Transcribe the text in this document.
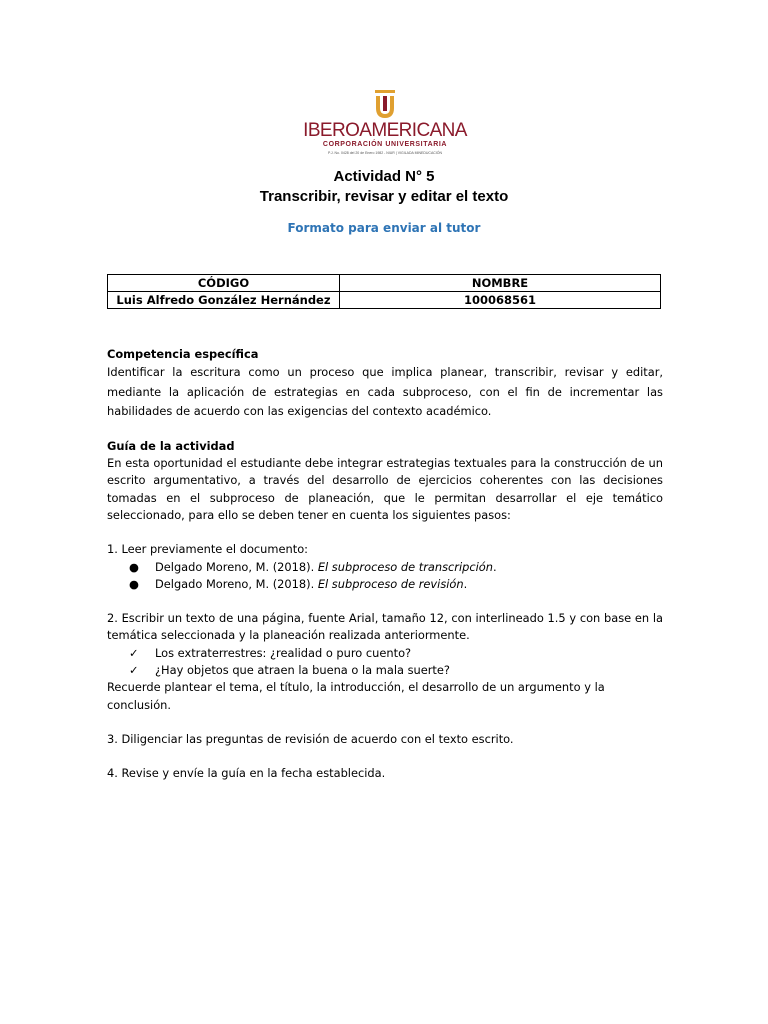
IBEROAMERICANA
CORPORACIÓN UNIVERSITARIA
P.J. No. 0428 del 20 de Enero 1982 - NIUR | VIGILADA MINEDUCACIÓN
Actividad N° 5
Transcribir, revisar y editar el texto
Formato para enviar al tutor
CÓDIGO	NOMBRE
Luis Alfredo González Hernández	100068561

Competencia específica

Identificar la escritura como un proceso que implica planear, transcribir, revisar y editar, mediante la aplicación de estrategias en cada subproceso, con el fin de incrementar las habilidades de acuerdo con las exigencias del contexto académico.

Guía de la actividad

En esta oportunidad el estudiante debe integrar estrategias textuales para la construcción de un escrito argumentativo, a través del desarrollo de ejercicios coherentes con las decisiones tomadas en el subproceso de planeación, que le permitan desarrollar el eje temático seleccionado, para ello se deben tener en cuenta los siguientes pasos:

1. Leer previamente el documento:

● Delgado Moreno, M. (2018). El subproceso de transcripción.
● Delgado Moreno, M. (2018). El subproceso de revisión.

2. Escribir un texto de una página, fuente Arial, tamaño 12, con interlineado 1.5 y con base en la temática seleccionada y la planeación realizada anteriormente.

✓ Los extraterrestres: ¿realidad o puro cuento?
✓ ¿Hay objetos que atraen la buena o la mala suerte?

Recuerde plantear el tema, el título, la introducción, el desarrollo de un argumento y la conclusión.

3. Diligenciar las preguntas de revisión de acuerdo con el texto escrito.

4. Revise y envíe la guía en la fecha establecida.
